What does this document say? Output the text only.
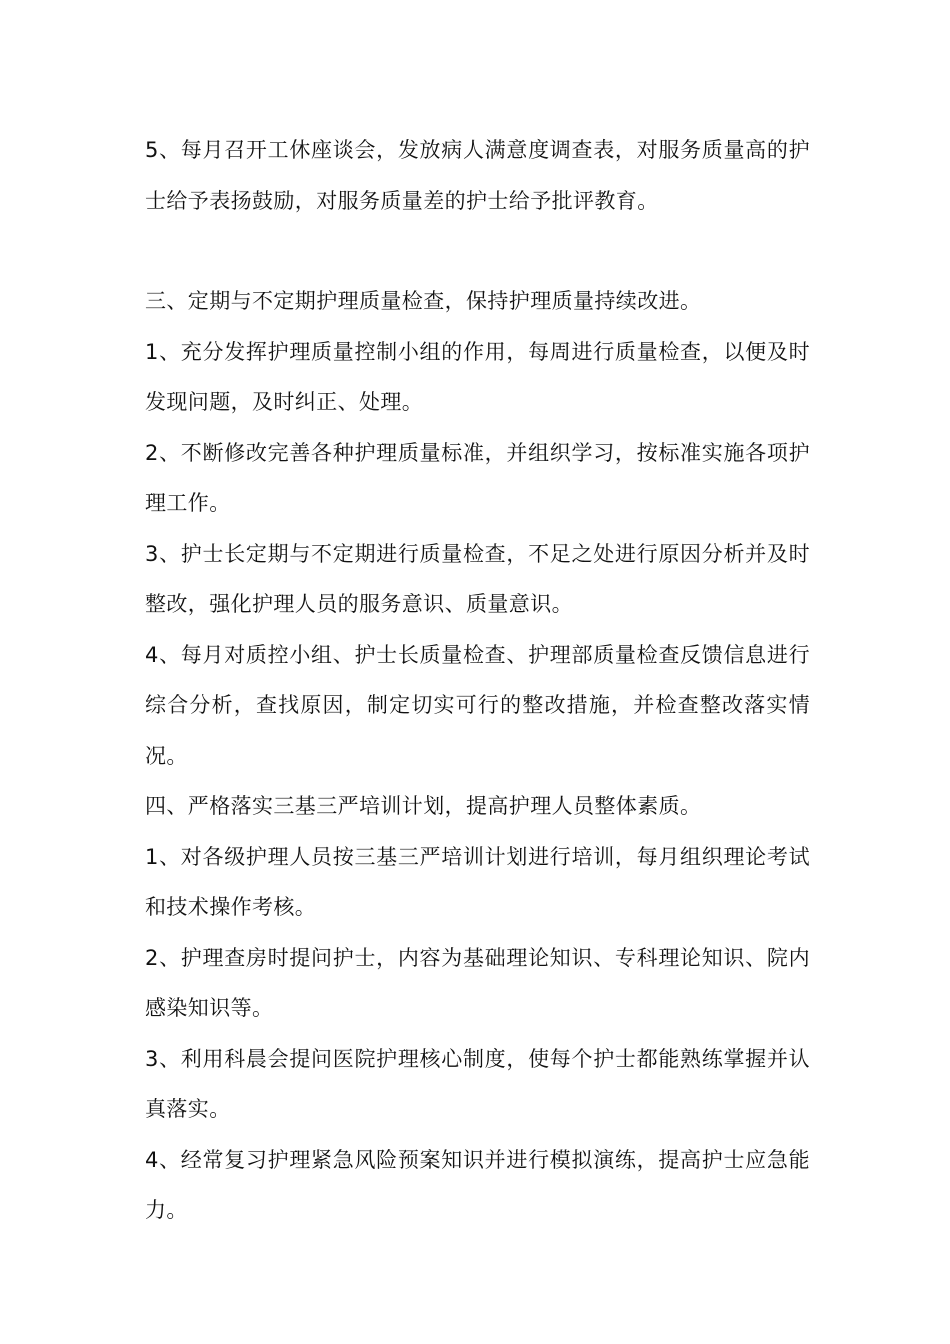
5、每月召开工休座谈会，发放病人满意度调查表，对服务质量高的护士给予表扬鼓励，对服务质量差的护士给予批评教育。

三、定期与不定期护理质量检查，保持护理质量持续改进。

1、充分发挥护理质量控制小组的作用，每周进行质量检查，以便及时发现问题，及时纠正、处理。

2、不断修改完善各种护理质量标准，并组织学习，按标准实施各项护理工作。

3、护士长定期与不定期进行质量检查，不足之处进行原因分析并及时整改，强化护理人员的服务意识、质量意识。

4、每月对质控小组、护士长质量检查、护理部质量检查反馈信息进行综合分析，查找原因，制定切实可行的整改措施，并检查整改落实情况。

四、严格落实三基三严培训计划，提高护理人员整体素质。

1、对各级护理人员按三基三严培训计划进行培训，每月组织理论考试和技术操作考核。

2、护理查房时提问护士，内容为基础理论知识、专科理论知识、院内感染知识等。

3、利用科晨会提问医院护理核心制度，使每个护士都能熟练掌握并认真落实。

4、经常复习护理紧急风险预案知识并进行模拟演练，提高护士应急能力。
